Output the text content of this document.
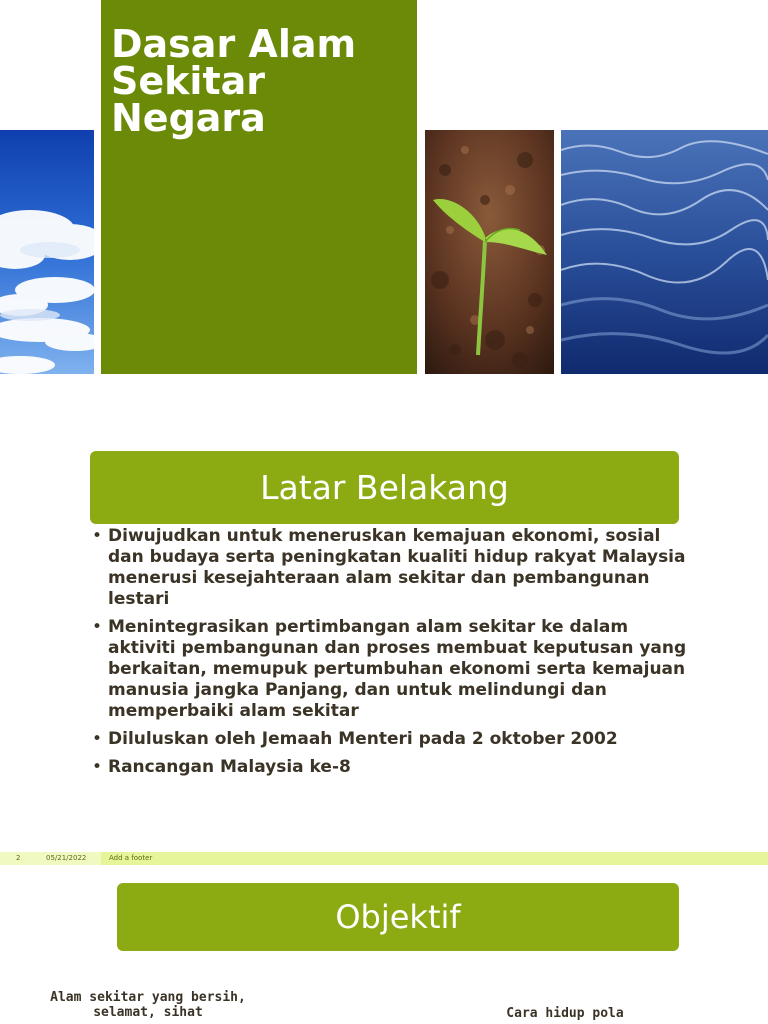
Dasar Alam
Sekitar
Negara
Latar Belakang
• Diwujudkan untuk meneruskan kemajuan ekonomi, sosial dan budaya serta peningkatan kualiti hidup rakyat Malaysia menerusi kesejahteraan alam sekitar dan pembangunan lestari
• Menintegrasikan pertimbangan alam sekitar ke dalam aktiviti pembangunan dan proses membuat keputusan yang berkaitan, memupuk pertumbuhan ekonomi serta kemajuan manusia jangka Panjang, dan untuk melindungi dan memperbaiki alam sekitar
• Diluluskan oleh Jemaah Menteri pada 2 oktober 2002
• Rancangan Malaysia ke-8
2	05/21/2022	Add a footer
Objektif

Alam sekitar yang bersih, selamat, sihat	Cara hidup pola
